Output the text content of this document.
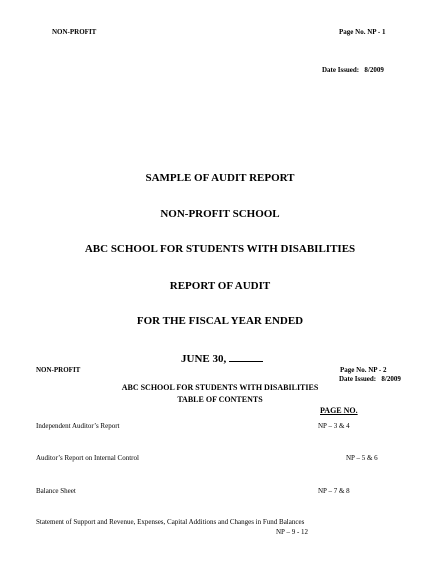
NON-PROFIT	Page No. NP - 1
Date Issued: 8/2009
SAMPLE OF AUDIT REPORT
NON-PROFIT SCHOOL
ABC SCHOOL FOR STUDENTS WITH DISABILITIES
REPORT OF AUDIT
FOR THE FISCAL YEAR ENDED
JUNE 30,
NON-PROFIT	Page No. NP - 2
Date Issued: 8/2009
ABC SCHOOL FOR STUDENTS WITH DISABILITIES
TABLE OF CONTENTS
PAGE NO.
Independent Auditor’s Report	NP – 3 & 4
Auditor’s Report on Internal Control	NP – 5 & 6
Balance Sheet	NP – 7 & 8
Statement of Support and Revenue, Expenses, Capital Additions and Changes in Fund Balances
NP – 9 - 12
